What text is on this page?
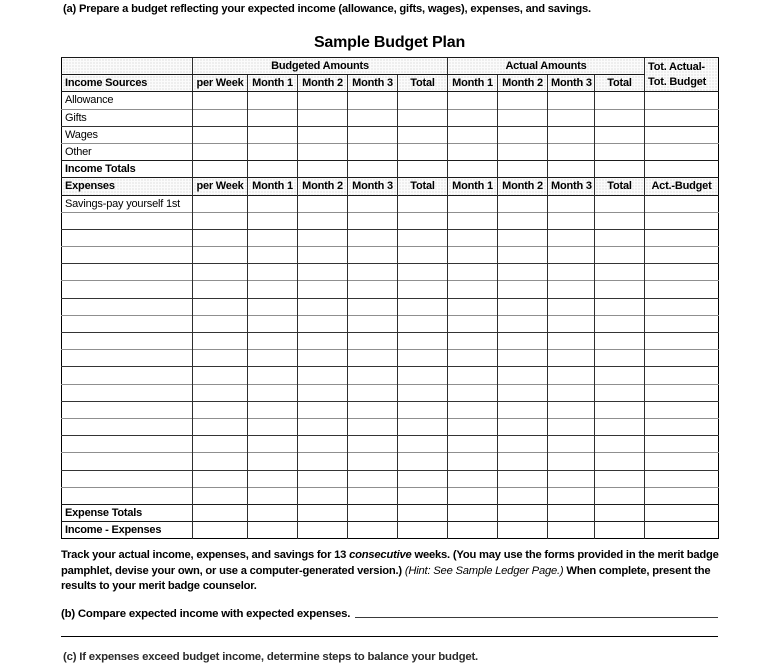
(a) Prepare a budget reflecting your expected income (allowance, gifts, wages), expenses, and savings.

Sample Budget Plan

	Budgeted Amounts					Actual Amounts				Tot. Actual-
Tot. Budget

Income Sources	per Week	Month 1	Month 2	Month 3	Total	Month 1	Month 2	Month 3	Total	
Allowance										
Gifts										
Wages										
Other										
Income Totals										
Expenses	per Week	Month 1	Month 2	Month 3	Total	Month 1	Month 2	Month 3	Total	Act.-Budget
Savings-pay yourself 1st										

Expense Totals										
Income - Expenses										

Track your actual income, expenses, and savings for 13 consecutive weeks. (You may use the forms provided in the merit badge pamphlet, devise your own, or use a computer-generated version.) (Hint: See Sample Ledger Page.) When complete, present the results to your merit badge counselor.

(b) Compare expected income with expected expenses.

(c) If expenses exceed budget income, determine steps to balance your budget.
